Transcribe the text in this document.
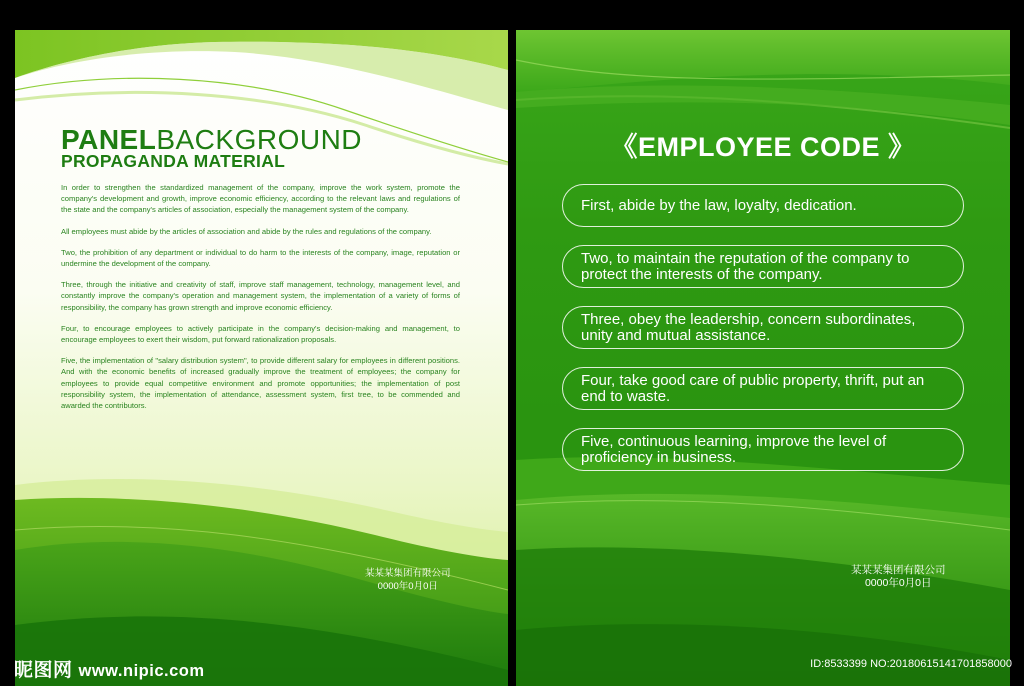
PANELBACKGROUND
PROPAGANDA MATERIAL

In order to strengthen the standardized management of the company, improve the work system, promote the company's development and growth, improve economic efficiency, according to the relevant laws and regulations of the state and the company's articles of association, especially the management system of the company.

All employees must abide by the articles of association and abide by the rules and regulations of the company.

Two, the prohibition of any department or individual to do harm to the interests of the company, image, reputation or undermine the development of the company.

Three, through the initiative and creativity of staff, improve staff management, technology, management level, and constantly improve the company's operation and management system, the implementation of a variety of forms of responsibility, the company has grown strength and improve economic efficiency.

Four, to encourage employees to actively participate in the company's decision-making and management, to encourage employees to exert their wisdom, put forward rationalization proposals.

Five, the implementation of "salary distribution system", to provide different salary for employees in different positions. And with the economic benefits of increased gradually improve the treatment of employees; the company for employees to provide equal competitive environment and promote opportunities; the implementation of post responsibility system, the implementation of attendance, assessment system, first tree, to be commended and awarded the contributors.

某某某集团有限公司
0000年0月0日
《EMPLOYEE CODE 》
First, abide by the law, loyalty, dedication.
Two, to maintain the reputation of the company to protect the interests of the company.
Three, obey the leadership, concern subordinates, unity and mutual assistance.
Four, take good care of public property, thrift, put an end to waste.
Five, continuous learning, improve the level of proficiency in business.
某某某集团有限公司
0000年0月0日
昵图网 www.nipic.com	ID:8533399 NO:20180615141701858000
